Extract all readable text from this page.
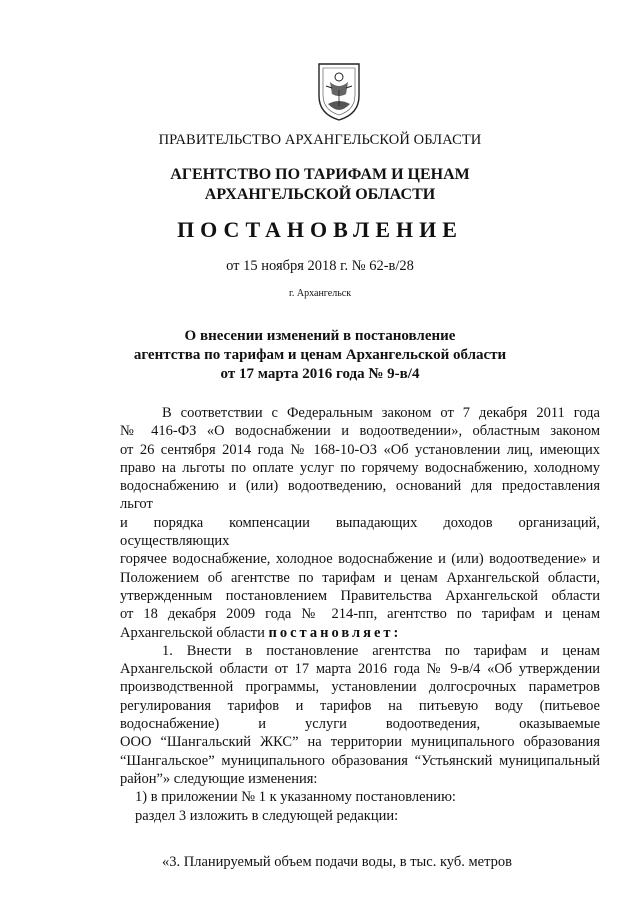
ПРАВИТЕЛЬСТВО АРХАНГЕЛЬСКОЙ ОБЛАСТИ
АГЕНТСТВО ПО ТАРИФАМ И ЦЕНАМ
АРХАНГЕЛЬСКОЙ ОБЛАСТИ
ПОСТАНОВЛЕНИЕ
от 15 ноября 2018 г. № 62-в/28
г. Архангельск
О внесении изменений в постановление
агентства по тарифам и ценам Архангельской области
от 17 марта 2016 года № 9-в/4

В соответствии с Федеральным законом от 7 декабря 2011 года

№ 416-ФЗ «О водоснабжении и водоотведении», областным законом

от 26 сентября 2014 года № 168-10-ОЗ «Об установлении лиц, имеющих

право на льготы по оплате услуг по горячему водоснабжению, холодному

водоснабжению и (или) водоотведению, оснований для предоставления льгот

и порядка компенсации выпадающих доходов организаций, осуществляющих

горячее водоснабжение, холодное водоснабжение и (или) водоотведение» и

Положением об агентстве по тарифам и ценам Архангельской области,

утвержденным постановлением Правительства Архангельской области

от 18 декабря 2009 года № 214-пп, агентство по тарифам и ценам

Архангельской области постановляет:

1. Внести в постановление агентства по тарифам и ценам

Архангельской области от 17 марта 2016 года № 9-в/4 «Об утверждении

производственной программы, установлении долгосрочных параметров

регулирования тарифов и тарифов на питьевую воду (питьевое

водоснабжение) и услуги водоотведения, оказываемые

ООО “Шангальский ЖКС” на территории муниципального образования

“Шангальское” муниципального образования “Устьянский муниципальный

район”» следующие изменения:

1) в приложении № 1 к указанному постановлению:

раздел 3 изложить в следующей редакции:

«3. Планируемый объем подачи воды, в тыс. куб. метров
